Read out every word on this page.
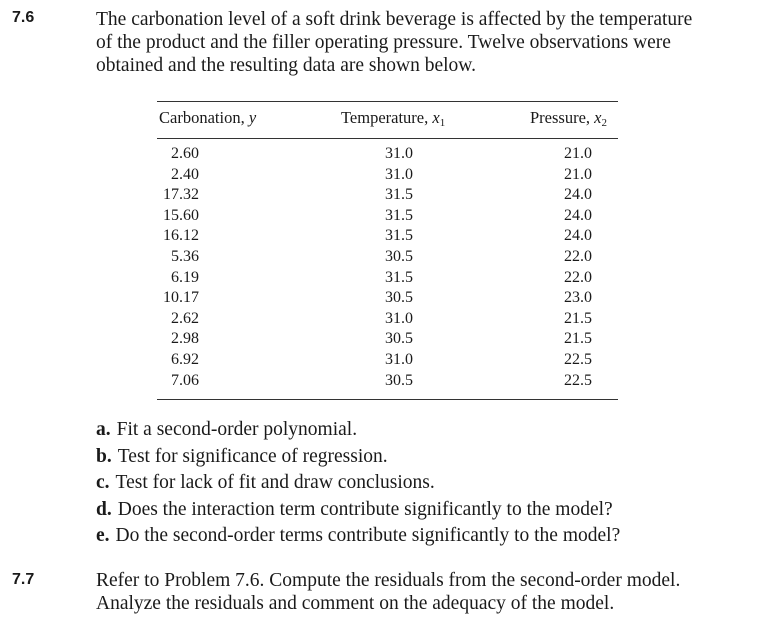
7.6	The carbonation level of a soft drink beverage is affected by the temperature
of the product and the filler operating pressure. Twelve observations were
obtained and the resulting data are shown below.
Carbonation, y	Temperature, $x_1$	Pressure, $x_2$
2.60	31.0	21.0
2.40	31.0	21.0
17.32	31.5	24.0
15.60	31.5	24.0
16.12	31.5	24.0
5.36	30.5	22.0
6.19	31.5	22.0
10.17	30.5	23.0
2.62	31.0	21.5
2.98	30.5	21.5
6.92	31.0	22.5
7.06	30.5	22.5
a. Fit a second-order polynomial.
b. Test for significance of regression.
c. Test for lack of fit and draw conclusions.
d. Does the interaction term contribute significantly to the model?
e. Do the second-order terms contribute significantly to the model?
7.7	Refer to Problem 7.6. Compute the residuals from the second-order model.
Analyze the residuals and comment on the adequacy of the model.
